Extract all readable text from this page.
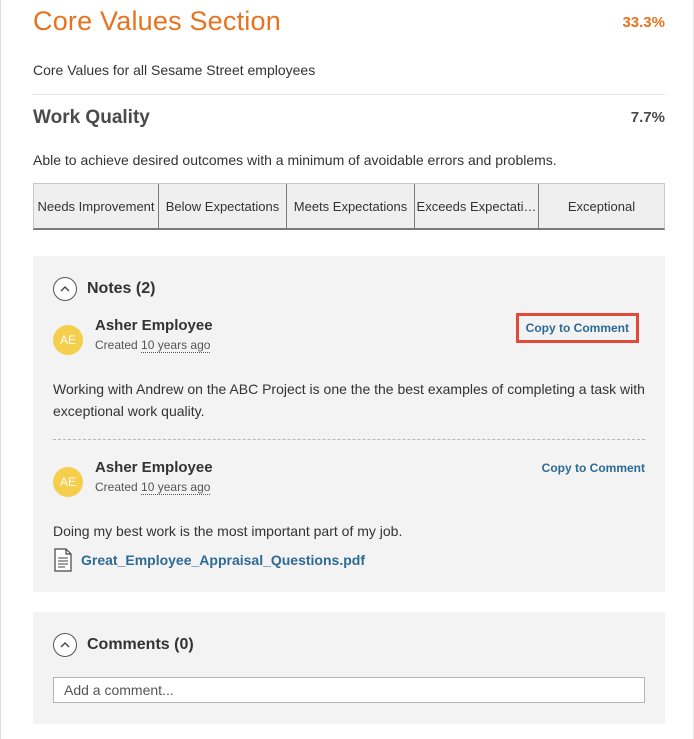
Core Values Section	33.3%
Core Values for all Sesame Street employees
Work Quality	7.7%
Able to achieve desired outcomes with a minimum of avoidable errors and problems.
Needs Improvement Below Expectations	Meets Expectations Exceeds Expectati…	Exceptional
Notes (2)
AE
Asher Employee
Created 10 years ago
Copy to Comment
Working with Andrew on the ABC Project is one the the best examples of completing a task with exceptional work quality.
AE
Asher Employee
Created 10 years ago
Copy to Comment
Doing my best work is the most important part of my job.
Great_Employee_Appraisal_Questions.pdf
Comments (0)
Add a comment...
